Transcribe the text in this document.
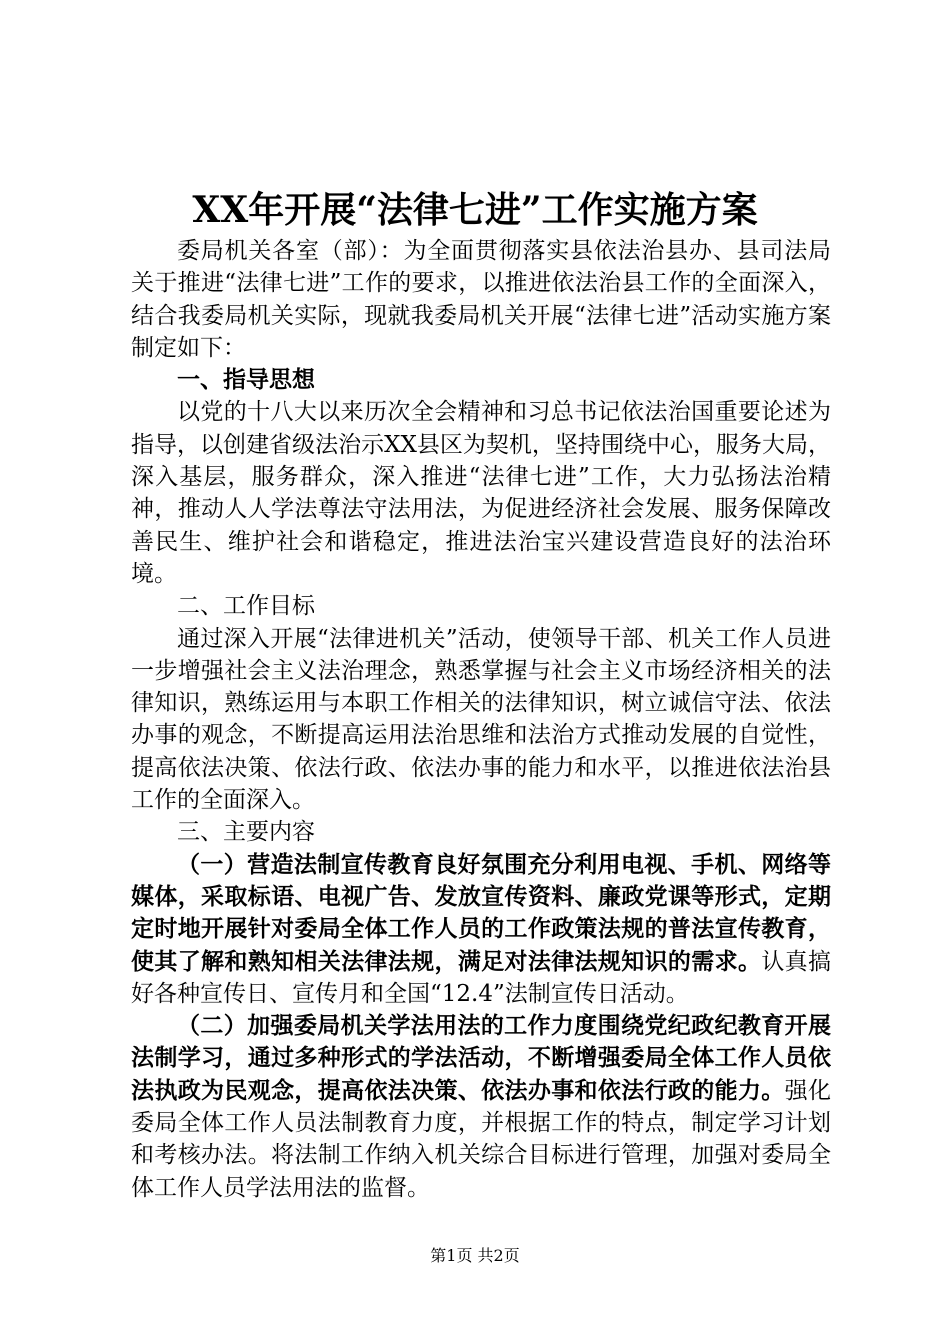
XX年开展“法律七进”工作实施方案

委局机关各室（部）：为全面贯彻落实县依法治县办、县司法局关于推进“法律七进”工作的要求，以推进依法治县工作的全面深入，结合我委局机关实际，现就我委局机关开展“法律七进”活动实施方案制定如下：

一、指导思想

以党的十八大以来历次全会精神和习总书记依法治国重要论述为指导，以创建省级法治示XX县区为契机，坚持围绕中心，服务大局，深入基层，服务群众，深入推进“法律七进”工作，大力弘扬法治精神，推动人人学法尊法守法用法，为促进经济社会发展、服务保障改善民生、维护社会和谐稳定，推进法治宝兴建设营造良好的法治环境。

二、工作目标

通过深入开展“法律进机关”活动，使领导干部、机关工作人员进一步增强社会主义法治理念，熟悉掌握与社会主义市场经济相关的法律知识，熟练运用与本职工作相关的法律知识，树立诚信守法、依法办事的观念，不断提高运用法治思维和法治方式推动发展的自觉性，提高依法决策、依法行政、依法办事的能力和水平，以推进依法治县工作的全面深入。

三、主要内容

（一）营造法制宣传教育良好氛围充分利用电视、手机、网络等媒体，采取标语、电视广告、发放宣传资料、廉政党课等形式，定期定时地开展针对委局全体工作人员的工作政策法规的普法宣传教育，使其了解和熟知相关法律法规，满足对法律法规知识的需求。认真搞好各种宣传日、宣传月和全国“12.4”法制宣传日活动。

（二）加强委局机关学法用法的工作力度围绕党纪政纪教育开展法制学习，通过多种形式的学法活动，不断增强委局全体工作人员依法执政为民观念，提高依法决策、依法办事和依法行政的能力。强化委局全体工作人员法制教育力度，并根据工作的特点，制定学习计划和考核办法。将法制工作纳入机关综合目标进行管理，加强对委局全体工作人员学法用法的监督。

第1页 共2页
